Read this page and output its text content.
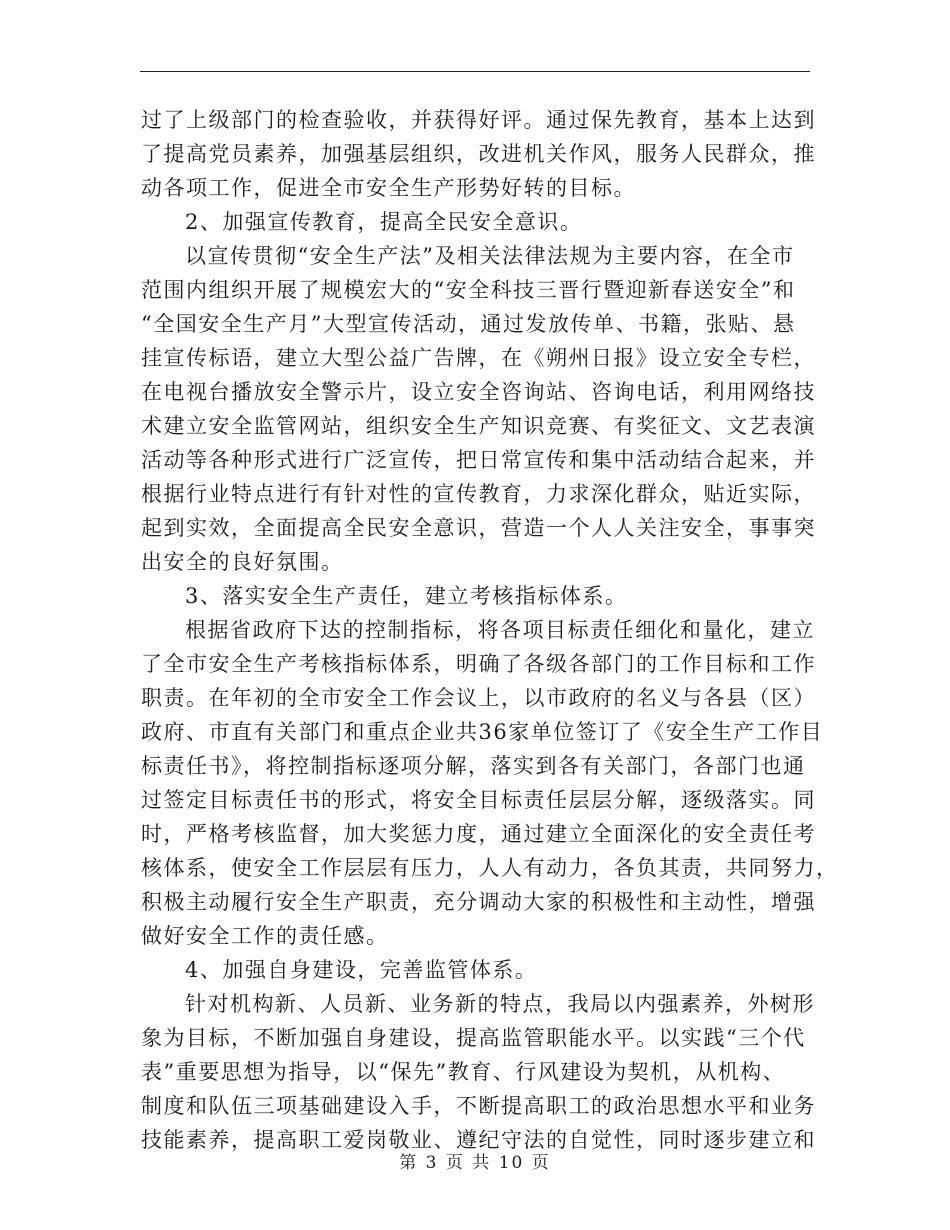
过了上级部门的检查验收，并获得好评。通过保先教育，基本上达到
了提高党员素养，加强基层组织，改进机关作风，服务人民群众，推
动各项工作，促进全市安全生产形势好转的目标。
2、加强宣传教育，提高全民安全意识。
以宣传贯彻“安全生产法”及相关法律法规为主要内容，在全市
范围内组织开展了规模宏大的“安全科技三晋行暨迎新春送安全”和
“全国安全生产月”大型宣传活动，通过发放传单、书籍，张贴、悬
挂宣传标语，建立大型公益广告牌，在《朔州日报》设立安全专栏，
在电视台播放安全警示片，设立安全咨询站、咨询电话，利用网络技
术建立安全监管网站，组织安全生产知识竞赛、有奖征文、文艺表演
活动等各种形式进行广泛宣传，把日常宣传和集中活动结合起来，并
根据行业特点进行有针对性的宣传教育，力求深化群众，贴近实际，
起到实效，全面提高全民安全意识，营造一个人人关注安全，事事突
出安全的良好氛围。
3、落实安全生产责任，建立考核指标体系。
根据省政府下达的控制指标，将各项目标责任细化和量化，建立
了全市安全生产考核指标体系，明确了各级各部门的工作目标和工作
职责。在年初的全市安全工作会议上，以市政府的名义与各县（区）
政府、市直有关部门和重点企业共36家单位签订了《安全生产工作目
标责任书》，将控制指标逐项分解，落实到各有关部门，各部门也通
过签定目标责任书的形式，将安全目标责任层层分解，逐级落实。同
时，严格考核监督，加大奖惩力度，通过建立全面深化的安全责任考
核体系，使安全工作层层有压力，人人有动力，各负其责，共同努力，
积极主动履行安全生产职责，充分调动大家的积极性和主动性，增强
做好安全工作的责任感。
4、加强自身建设，完善监管体系。
针对机构新、人员新、业务新的特点，我局以内强素养，外树形
象为目标，不断加强自身建设，提高监管职能水平。以实践“三个代
表”重要思想为指导，以“保先”教育、行风建设为契机，从机构、
制度和队伍三项基础建设入手，不断提高职工的政治思想水平和业务
技能素养，提高职工爱岗敬业、遵纪守法的自觉性，同时逐步建立和
第 3 页 共 10 页
